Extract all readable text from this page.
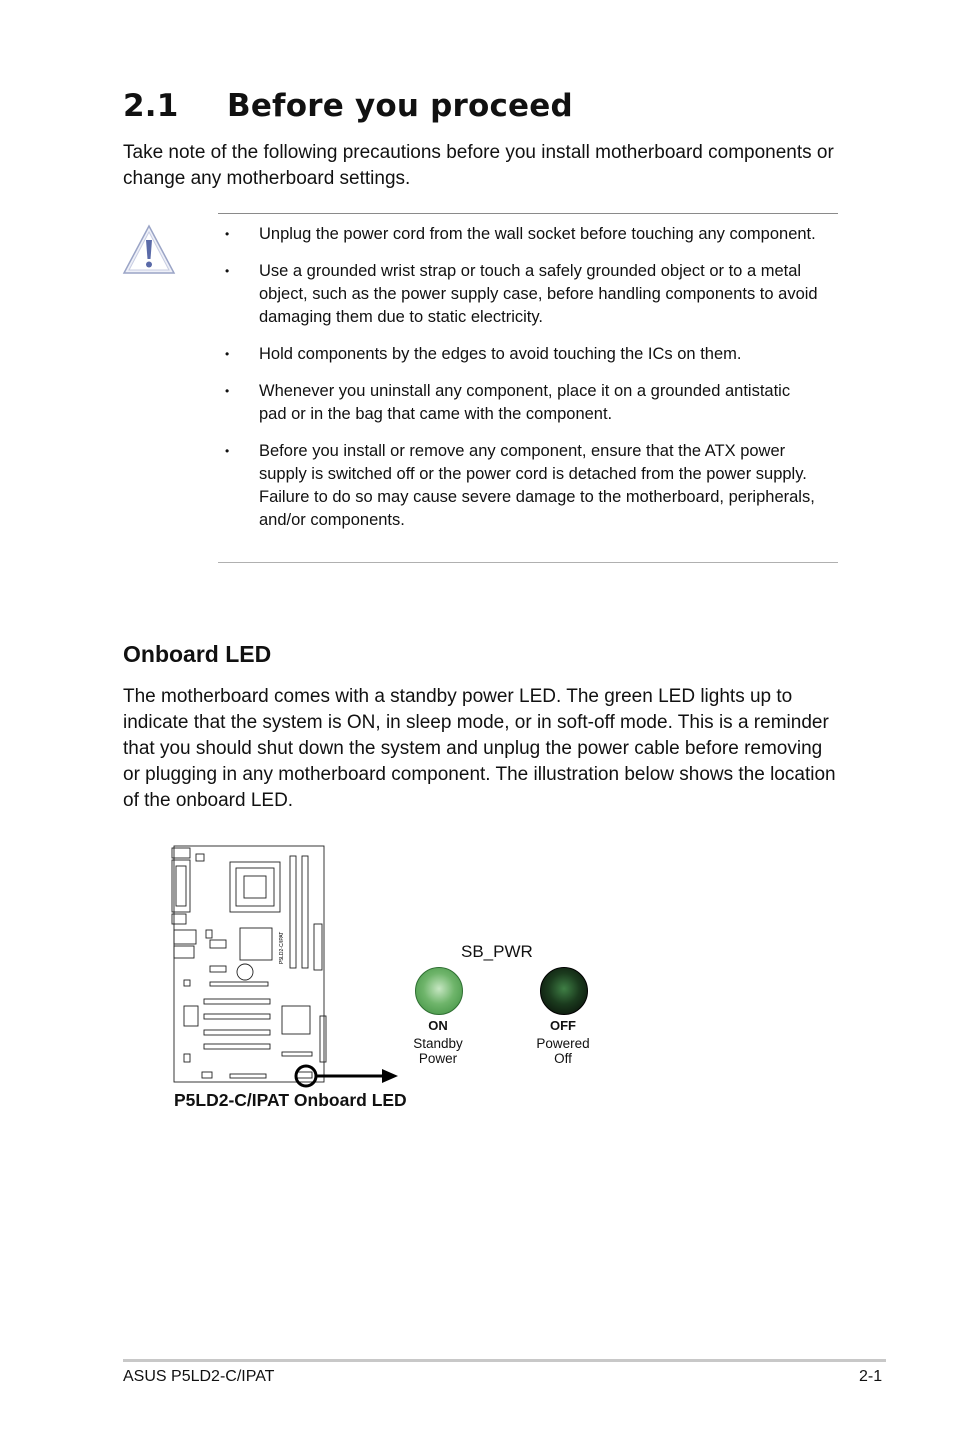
2.1 Before you proceed
Take note of the following precautions before you install motherboard components or change any motherboard settings.
• Unplug the power cord from the wall socket before touching any component.
• Use a grounded wrist strap or touch a safely grounded object or to a metal object, such as the power supply case, before handling components to avoid damaging them due to static electricity.
• Hold components by the edges to avoid touching the ICs on them.
• Whenever you uninstall any component, place it on a grounded antistatic pad or in the bag that came with the component.
• Before you install or remove any component, ensure that the ATX power supply is switched off or the power cord is detached from the power supply. Failure to do so may cause severe damage to the motherboard, peripherals, and/or components.
Onboard LED
The motherboard comes with a standby power LED. The green LED lights up to indicate that the system is ON, in sleep mode, or in soft-off mode. This is a reminder that you should shut down the system and unplug the power cable before removing or plugging in any motherboard component. The illustration below shows the location of the onboard LED.
P5LD2-C/IPAT	SB_PWR
ON
Standby
Power
OFF
Powered
Off
P5LD2-C/IPAT Onboard LED
ASUS P5LD2-C/IPAT	2-1
